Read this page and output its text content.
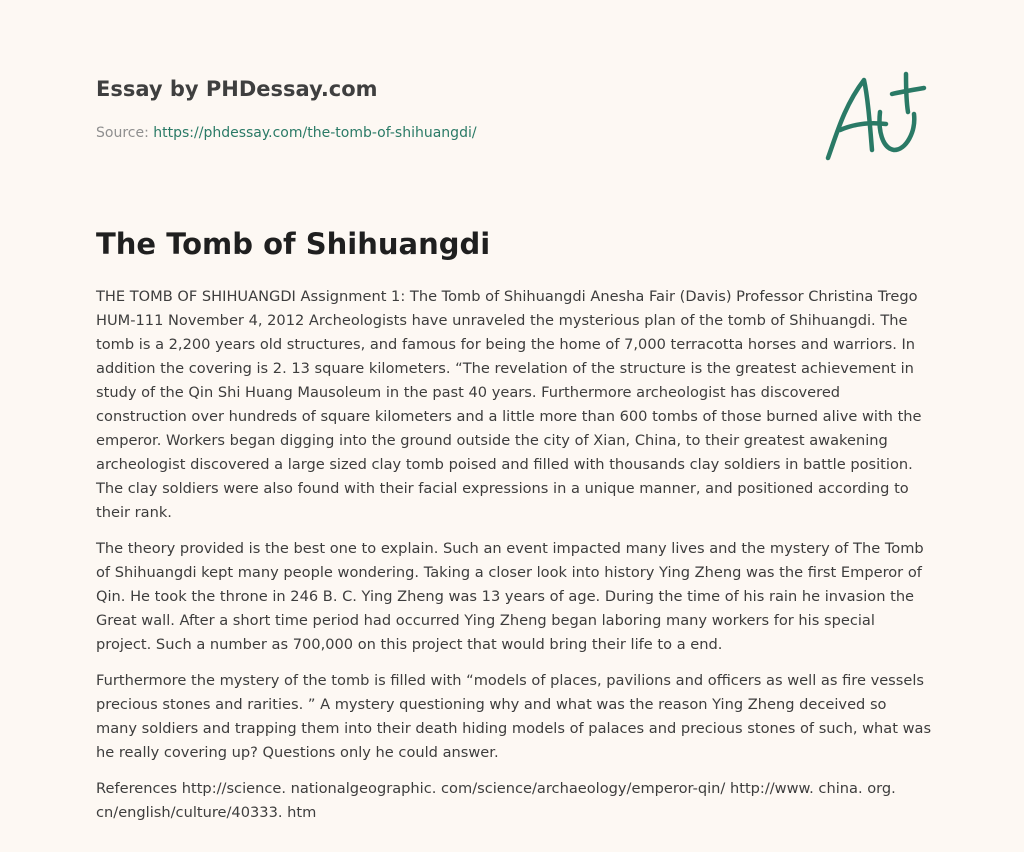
Essay by PHDessay.com
Source: https://phdessay.com/the-tomb-of-shihuangdi/
The Tomb of Shihuangdi

THE TOMB OF SHIHUANGDI Assignment 1: The Tomb of Shihuangdi Anesha Fair (Davis) Professor Christina Trego HUM-111 November 4, 2012 Archeologists have unraveled the mysterious plan of the tomb of Shihuangdi. The tomb is a 2,200 years old structures, and famous for being the home of 7,000 terracotta horses and warriors. In addition the covering is 2. 13 square kilometers. “The revelation of the structure is the greatest achievement in study of the Qin Shi Huang Mausoleum in the past 40 years. Furthermore archeologist has discovered construction over hundreds of square kilometers and a little more than 600 tombs of those burned alive with the emperor. Workers began digging into the ground outside the city of Xian, China, to their greatest awakening archeologist discovered a large sized clay tomb poised and filled with thousands clay soldiers in battle position. The clay soldiers were also found with their facial expressions in a unique manner, and positioned according to their rank.

The theory provided is the best one to explain. Such an event impacted many lives and the mystery of The Tomb of Shihuangdi kept many people wondering. Taking a closer look into history Ying Zheng was the first Emperor of Qin. He took the throne in 246 B. C. Ying Zheng was 13 years of age. During the time of his rain he invasion the Great wall. After a short time period had occurred Ying Zheng began laboring many workers for his special project. Such a number as 700,000 on this project that would bring their life to a end.

Furthermore the mystery of the tomb is filled with “models of places, pavilions and officers as well as fire vessels precious stones and rarities. ” A mystery questioning why and what was the reason Ying Zheng deceived so many soldiers and trapping them into their death hiding models of palaces and precious stones of such, what was he really covering up? Questions only he could answer.

References http://science. nationalgeographic. com/science/archaeology/emperor-qin/ http://www. china. org. cn/english/culture/40333. htm
